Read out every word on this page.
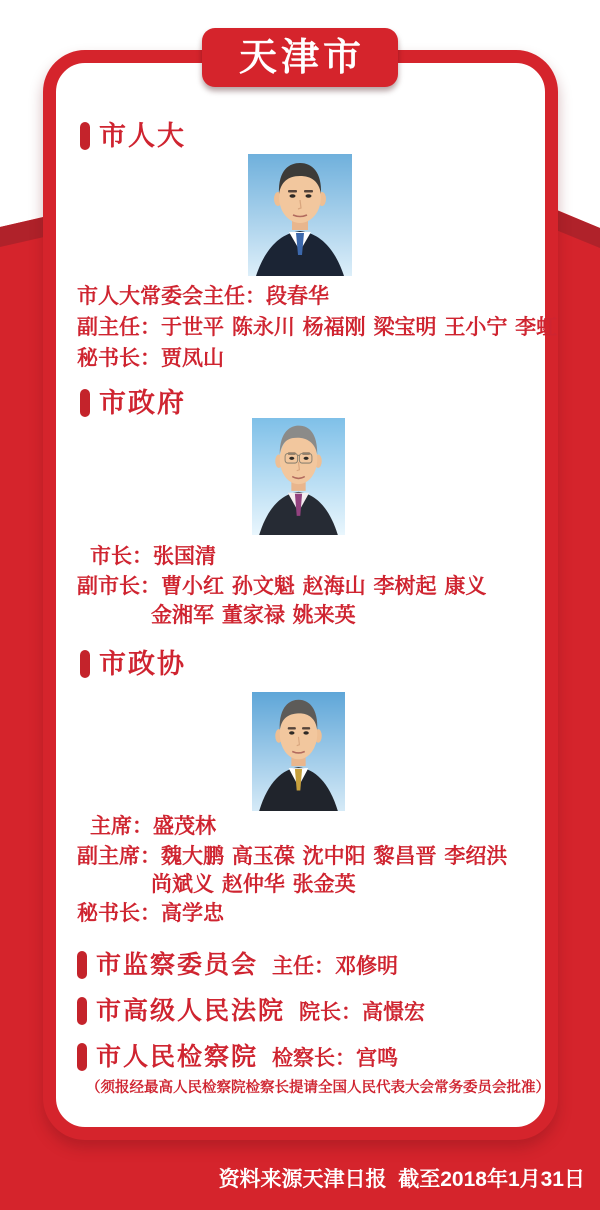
天津市
市人大
市人大常委会主任：段春华
副主任：于世平 陈永川 杨福刚 梁宝明 王小宁 李虹
秘书长：贾凤山
市政府
市长：张国清
副市长：曹小红 孙文魁 赵海山 李树起 康义
金湘军 董家禄 姚来英
市政协
主席：盛茂林
副主席：魏大鹏 高玉葆 沈中阳 黎昌晋 李绍洪
尚斌义 赵仲华 张金英
秘书长：高学忠
市监察委员会 主任：邓修明
市高级人民法院 院长：高憬宏
市人民检察院 检察长：宫鸣
（须报经最高人民检察院检察长提请全国人民代表大会常务委员会批准）
资料来源天津日报  截至2018年1月31日
